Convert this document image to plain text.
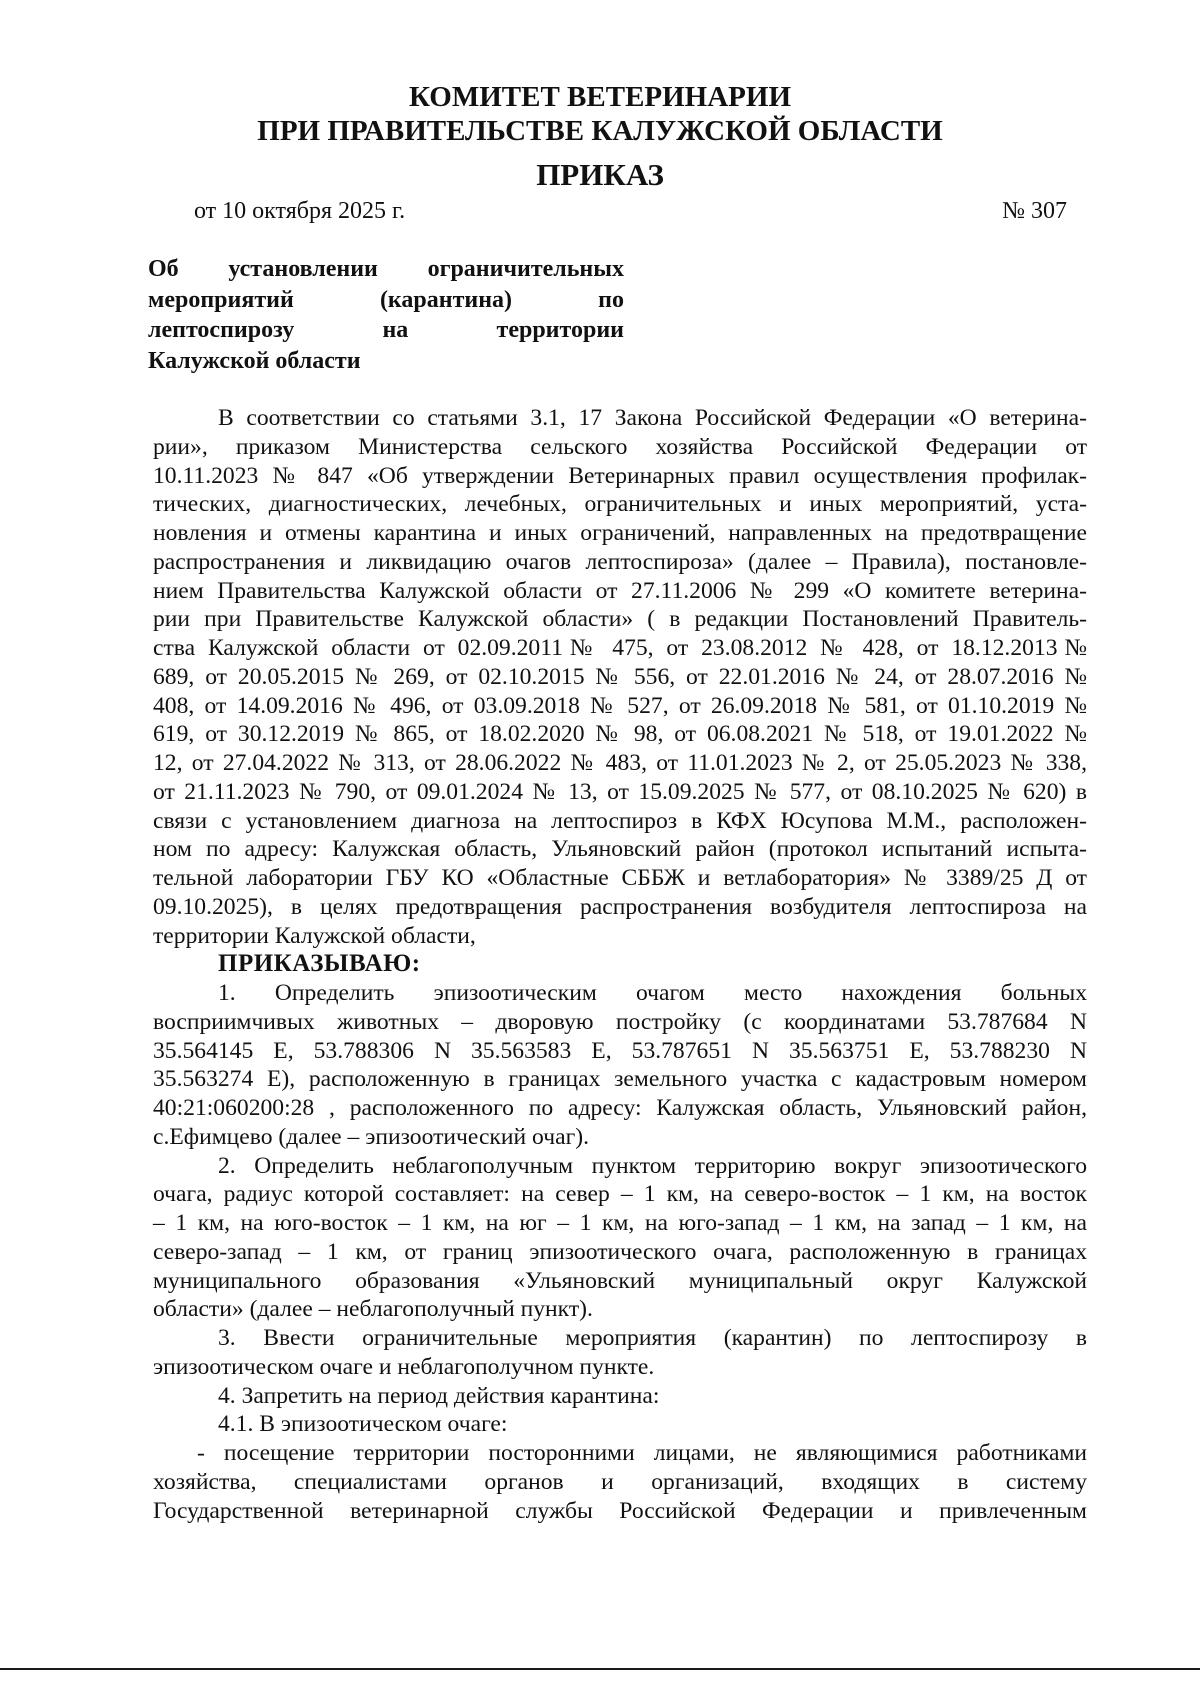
КОМИТЕТ ВЕТЕРИНАРИИ
ПРИ ПРАВИТЕЛЬСТВЕ КАЛУЖСКОЙ ОБЛАСТИ
ПРИКАЗ
от 10 октября 2025 г.	№ 307
Об установлении ограничительных
мероприятий	(карантина)	по
лептоспирозу	на	территории
Калужской области
В соответствии со статьями 3.1, 17 Закона Российской Федерации «О ветерина-
рии», приказом Министерства сельского хозяйства Российской Федерации от
10.11.2023 № 847 «Об утверждении Ветеринарных правил осуществления профилак-
тических, диагностических, лечебных, ограничительных и иных мероприятий, уста-
новления и отмены карантина и иных ограничений, направленных на предотвращение
распространения и ликвидацию очагов лептоспироза» (далее – Правила), постановле-
нием Правительства Калужской области от 27.11.2006 № 299 «О комитете ветерина-
рии при Правительстве Калужской области» ( в редакции Постановлений Правитель-
ства Калужской области от 02.09.2011№ 475, от 23.08.2012 № 428, от 18.12.2013№
689, от 20.05.2015 № 269, от 02.10.2015 № 556, от 22.01.2016 № 24, от 28.07.2016 №
408, от 14.09.2016 № 496, от 03.09.2018 № 527, от 26.09.2018 № 581, от 01.10.2019 №
619, от 30.12.2019 № 865, от 18.02.2020 № 98, от 06.08.2021 № 518, от 19.01.2022 №
12, от 27.04.2022 № 313, от 28.06.2022 № 483, от 11.01.2023 № 2, от 25.05.2023 № 338,
от 21.11.2023 № 790, от 09.01.2024 № 13, от 15.09.2025 № 577, от 08.10.2025 № 620) в
связи с установлением диагноза на лептоспироз в КФХ Юсупова М.М., расположен-
ном по адресу: Калужская область, Ульяновский район (протокол испытаний испыта-
тельной лаборатории ГБУ КО «Областные СББЖ и ветлаборатория» № 3389/25 Д от
09.10.2025), в целях предотвращения распространения возбудителя лептоспироза на
территории Калужской области,
ПРИКАЗЫВАЮ:
1. Определить эпизоотическим очагом место нахождения больных
восприимчивых животных – дворовую постройку (с координатами 53.787684 N
35.564145 E, 53.788306 N 35.563583 E, 53.787651 N 35.563751 E, 53.788230 N
35.563274 E), расположенную в границах земельного участка с кадастровым номером
40:21:060200:28 , расположенного по адресу: Калужская область, Ульяновский район,
с.Ефимцево (далее – эпизоотический очаг).
2. Определить неблагополучным пунктом территорию вокруг эпизоотического
очага, радиус которой составляет: на север – 1 км, на северо-восток – 1 км, на восток
– 1 км, на юго-восток – 1 км, на юг – 1 км, на юго-запад – 1 км, на запад – 1 км, на
северо-запад – 1 км, от границ эпизоотического очага, расположенную в границах
муниципального образования «Ульяновский муниципальный округ Калужской
области» (далее – неблагополучный пункт).
3. Ввести ограничительные мероприятия (карантин) по лептоспирозу в
эпизоотическом очаге и неблагополучном пункте.
4. Запретить на период действия карантина:
4.1. В эпизоотическом очаге:
- посещение территории посторонними лицами, не являющимися работниками
хозяйства, специалистами органов и организаций, входящих в систему
Государственной ветеринарной службы Российской Федерации и привлеченным
